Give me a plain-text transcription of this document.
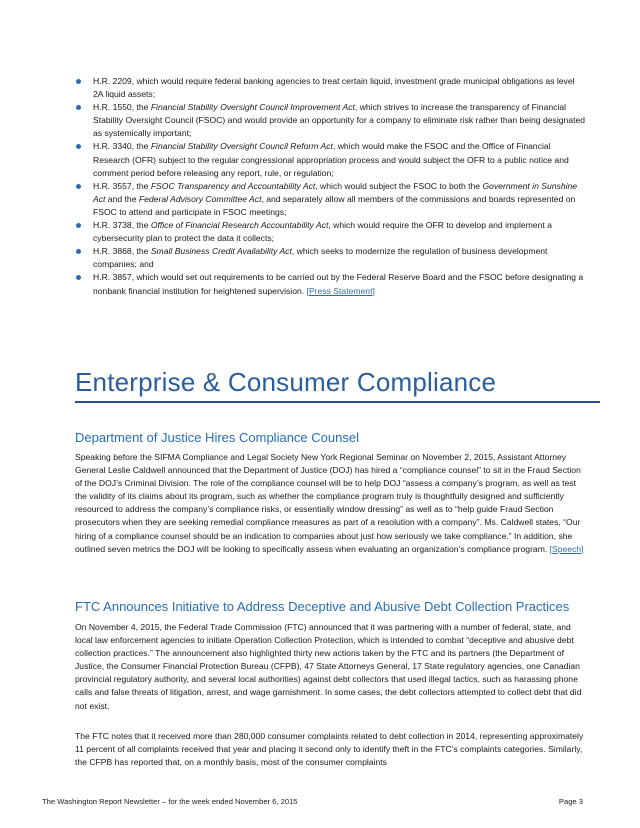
H.R. 2209, which would require federal banking agencies to treat certain liquid, investment grade municipal obligations as level 2A liquid assets;
H.R. 1550, the Financial Stability Oversight Council Improvement Act, which strives to increase the transparency of Financial Stability Oversight Council (FSOC) and would provide an opportunity for a company to eliminate risk rather than being designated as systemically important;
H.R. 3340, the Financial Stability Oversight Council Reform Act, which would make the FSOC and the Office of Financial Research (OFR) subject to the regular congressional appropriation process and would subject the OFR to a public notice and comment period before releasing any report, rule, or regulation;
H.R. 3557, the FSOC Transparency and Accountability Act, which would subject the FSOC to both the Government in Sunshine Act and the Federal Advisory Committee Act, and separately allow all members of the commissions and boards represented on FSOC to attend and participate in FSOC meetings;
H.R. 3738, the Office of Financial Research Accountability Act, which would require the OFR to develop and implement a cybersecurity plan to protect the data it collects;
H.R. 3868, the Small Business Credit Availability Act, which seeks to modernize the regulation of business development companies; and
H.R. 3857, which would set out requirements to be carried out by the Federal Reserve Board and the FSOC before designating a nonbank financial institution for heightened supervision. [Press Statement]
Enterprise & Consumer Compliance
Department of Justice Hires Compliance Counsel

Speaking before the SIFMA Compliance and Legal Society New York Regional Seminar on November 2, 2015, Assistant Attorney General Leslie Caldwell announced that the Department of Justice (DOJ) has hired a “compliance counsel” to sit in the Fraud Section of the DOJ’s Criminal Division. The role of the compliance counsel will be to help DOJ “assess a company’s program, as well as test the validity of its claims about its program, such as whether the compliance program truly is thoughtfully designed and sufficiently resourced to address the company’s compliance risks, or essentially window dressing” as well as to “help guide Fraud Section prosecutors when they are seeking remedial compliance measures as part of a resolution with a company”. Ms. Caldwell states, “Our hiring of a compliance counsel should be an indication to companies about just how seriously we take compliance.” In addition, she outlined seven metrics the DOJ will be looking to specifically assess when evaluating an organization’s compliance program. [Speech]

FTC Announces Initiative to Address Deceptive and Abusive Debt Collection Practices

On November 4, 2015, the Federal Trade Commission (FTC) announced that it was partnering with a number of federal, state, and local law enforcement agencies to initiate Operation Collection Protection, which is intended to combat “deceptive and abusive debt collection practices.” The announcement also highlighted thirty new actions taken by the FTC and its partners (the Department of Justice, the Consumer Financial Protection Bureau (CFPB), 47 State Attorneys General, 17 State regulatory agencies, one Canadian provincial regulatory authority, and several local authorities) against debt collectors that used illegal tactics, such as harassing phone calls and false threats of litigation, arrest, and wage garnishment. In some cases, the debt collectors attempted to collect debt that did not exist.

The FTC notes that it received more than 280,000 consumer complaints related to debt collection in 2014, representing approximately 11 percent of all complaints received that year and placing it second only to identify theft in the FTC’s complaints categories. Similarly, the CFPB has reported that, on a monthly basis, most of the consumer complaints

The Washington Report Newsletter – for the week ended November 6, 2015	Page 3
